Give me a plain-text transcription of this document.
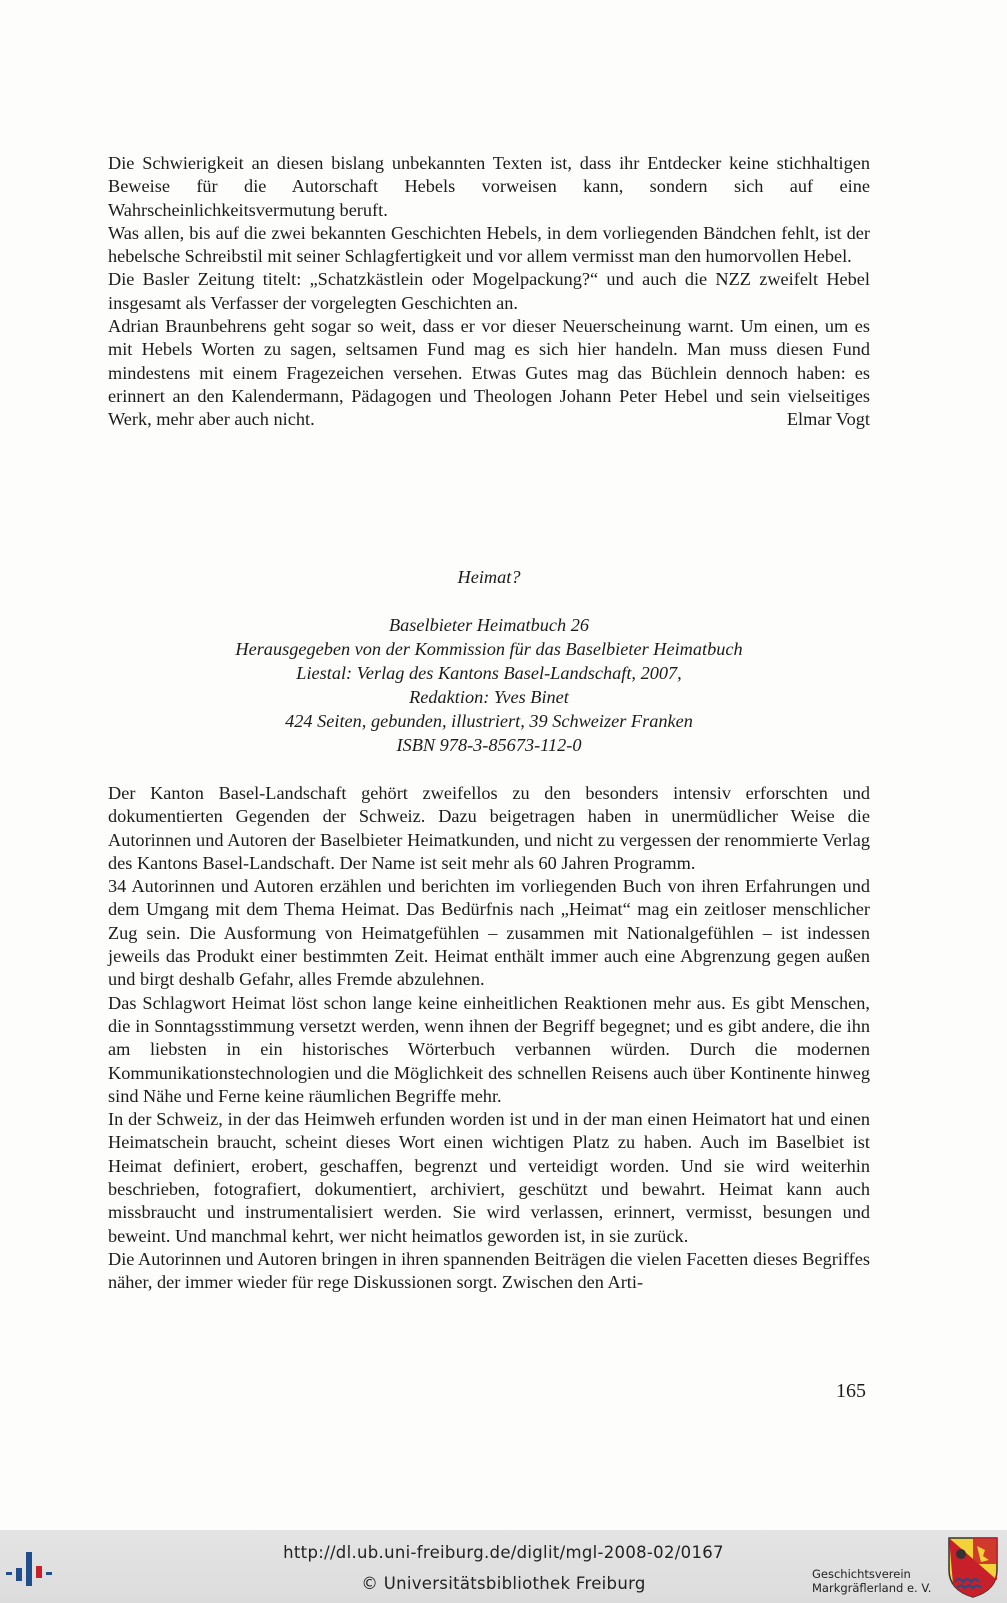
Die Schwierigkeit an diesen bislang unbekannten Texten ist, dass ihr Entdecker keine stichhaltigen Beweise für die Autorschaft Hebels vorweisen kann, sondern sich auf eine Wahrscheinlichkeitsvermutung beruft.

Was allen, bis auf die zwei bekannten Geschichten Hebels, in dem vorliegenden Bändchen fehlt, ist der hebelsche Schreibstil mit seiner Schlagfertigkeit und vor allem vermisst man den humorvollen Hebel.

Die Basler Zeitung titelt: „Schatzkästlein oder Mogelpackung?“ und auch die NZZ zweifelt Hebel insgesamt als Verfasser der vorgelegten Geschichten an.

Adrian Braunbehrens geht sogar so weit, dass er vor dieser Neuerscheinung warnt. Um einen, um es mit Hebels Worten zu sagen, seltsamen Fund mag es sich hier handeln. Man muss diesen Fund mindestens mit einem Fragezeichen versehen. Etwas Gutes mag das Büchlein dennoch haben: es erinnert an den Kalendermann, Pädagogen und Theologen Johann Peter Hebel und sein vielseitiges Werk, mehr aber auch nicht.	Elmar Vogt

Heimat?
Baselbieter Heimatbuch 26
Herausgegeben von der Kommission für das Baselbieter Heimatbuch
Liestal: Verlag des Kantons Basel-Landschaft, 2007,
Redaktion: Yves Binet
424 Seiten, gebunden, illustriert, 39 Schweizer Franken
ISBN 978-3-85673-112-0

Der Kanton Basel-Landschaft gehört zweifellos zu den besonders intensiv erforschten und dokumentierten Gegenden der Schweiz. Dazu beigetragen haben in unermüdlicher Weise die Autorinnen und Autoren der Baselbieter Heimatkunden, und nicht zu vergessen der renommierte Verlag des Kantons Basel-Landschaft. Der Name ist seit mehr als 60 Jahren Programm.

34 Autorinnen und Autoren erzählen und berichten im vorliegenden Buch von ihren Erfahrungen und dem Umgang mit dem Thema Heimat. Das Bedürfnis nach „Heimat“ mag ein zeitloser menschlicher Zug sein. Die Ausformung von Heimatgefühlen – zusammen mit Nationalgefühlen – ist indessen jeweils das Produkt einer bestimmten Zeit. Heimat enthält immer auch eine Abgrenzung gegen außen und birgt deshalb Gefahr, alles Fremde abzulehnen.

Das Schlagwort Heimat löst schon lange keine einheitlichen Reaktionen mehr aus. Es gibt Menschen, die in Sonntagsstimmung versetzt werden, wenn ihnen der Begriff begegnet; und es gibt andere, die ihn am liebsten in ein historisches Wörterbuch verbannen würden. Durch die modernen Kommunikationstechnologien und die Möglichkeit des schnellen Reisens auch über Kontinente hinweg sind Nähe und Ferne keine räumlichen Begriffe mehr.

In der Schweiz, in der das Heimweh erfunden worden ist und in der man einen Heimatort hat und einen Heimatschein braucht, scheint dieses Wort einen wichtigen Platz zu haben. Auch im Baselbiet ist Heimat definiert, erobert, geschaffen, begrenzt und verteidigt worden. Und sie wird weiterhin beschrieben, fotografiert, dokumentiert, archiviert, geschützt und bewahrt. Heimat kann auch missbraucht und instrumentalisiert werden. Sie wird verlassen, erinnert, vermisst, besungen und beweint. Und manchmal kehrt, wer nicht heimatlos geworden ist, in sie zurück.

Die Autorinnen und Autoren bringen in ihren spannenden Beiträgen die vielen Facetten dieses Begriffes näher, der immer wieder für rege Diskussionen sorgt. Zwischen den Arti-

165
http://dl.ub.uni-freiburg.de/diglit/mgl-2008-02/0167
© Universitätsbibliothek Freiburg	Geschichtsverein
Markgräflerland e. V.
